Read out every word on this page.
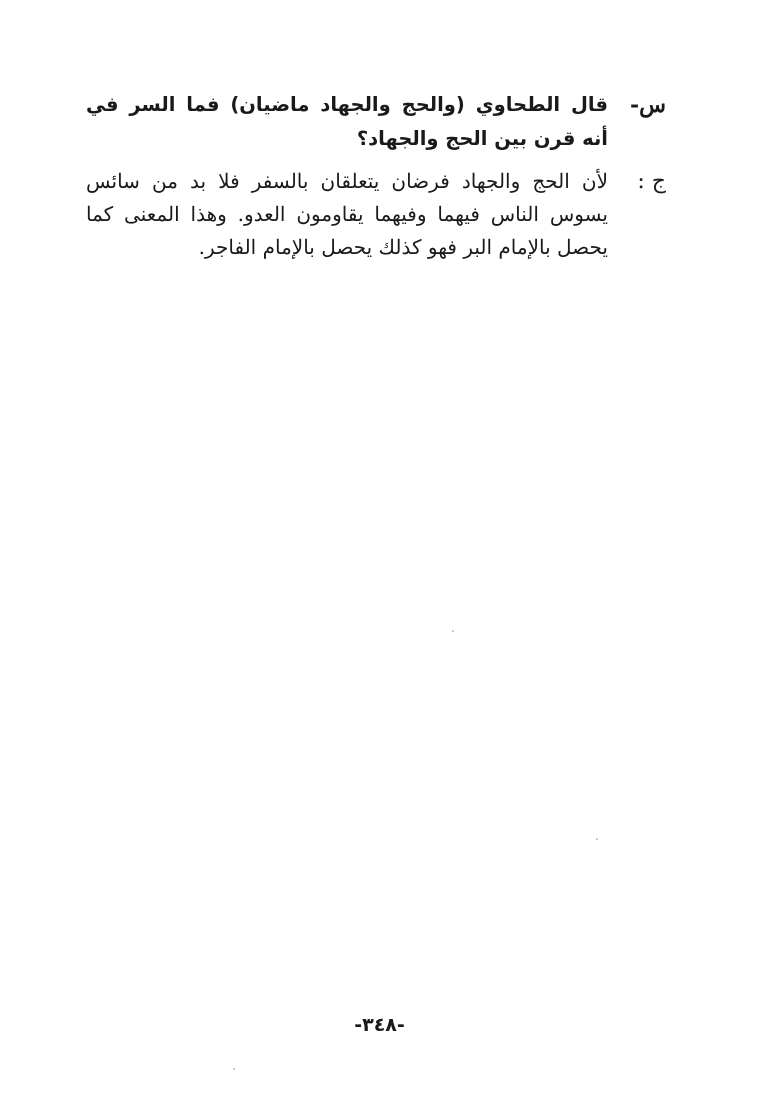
س-
قال الطحاوي (والحج والجهاد ماضيان) فما السر في أنه قرن بين الحج والجهاد؟
ج :
لأن الحج والجهاد فرضان يتعلقان بالسفر فلا بد من سائس يسوس الناس فيهما وفيهما يقاومون العدو. وهذا المعنى كما يحصل بالإمام البر فهو كذلك يحصل بالإمام الفاجر.
-٣٤٨-
